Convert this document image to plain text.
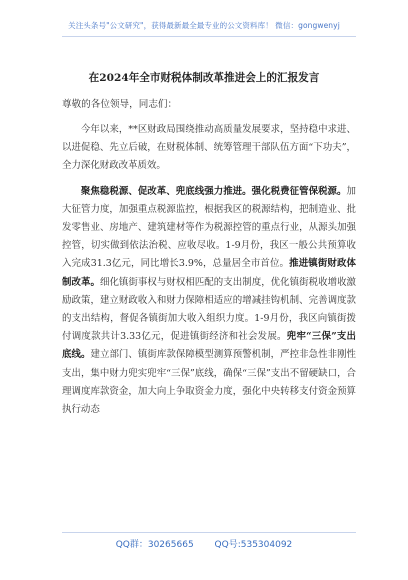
关注头条号"公文研究"，获得最新最全最专业的公文资料库！ 微信：gongwenyj
在2024年全市财税体制改革推进会上的汇报发言
尊敬的各位领导，同志们：

今年以来，**区财政局围绕推动高质量发展要求，坚持稳中求进、以进促稳、先立后破，在财税体制、统筹管理干部队伍方面“下功夫”，全力深化财政改革质效。

聚焦稳税源、促改革、兜底线强力推进。强化税费征管保税源。加大征管力度，加强重点税源监控，根据我区的税源结构，把制造业、批发零售业、房地产、建筑建材等作为税源控管的重点行业，从源头加强控管，切实做到依法治税、应收尽收。1-9月份，我区一般公共预算收入完成31.3亿元，同比增长3.9%，总量居全市首位。推进镇街财政体制改革。细化镇街事权与财权相匹配的支出制度，优化镇街税收增收激励政策，建立财政收入和财力保障相适应的增减挂钩机制、完善调度款的支出结构，督促各镇街加大收入组织力度。1-9月份，我区向镇街拨付调度款共计3.33亿元，促进镇街经济和社会发展。兜牢“三保”支出底线。建立部门、镇街库款保障模型测算预警机制，严控非急性非刚性支出，集中财力兜实兜牢“三保”底线，确保“三保”支出不留硬缺口，合理调度库款资金，加大向上争取资金力度，强化中央转移支付资金预算执行动态

QQ群：30265665 QQ号:535304092
